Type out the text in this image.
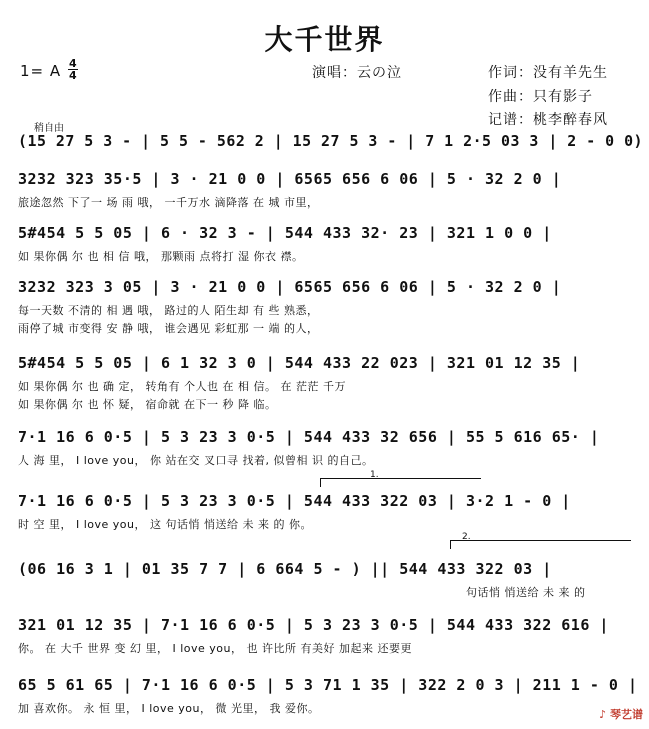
大千世界
1= A 4
4	演唱：云の泣	作词：没有羊先生
作曲：只有影子
记谱：桃李醉春风
稍自由
(15 27 5 3 - | 5 5 - 562 2 | 15 27 5 3 - | 7 1 2·5 03 3 | 2 - 0 0)
3232 323 35·5 | 3 · 21 0 0 | 6565 656 6 06 | 5 · 32 2 0 |
旅途忽然 下了一 场 雨 哦， 一千万水 滴降落 在 城 市里，
5#454 5 5 05 | 6 · 32 3 - | 544 433 32· 23 | 321 1 0 0 |
如 果你偶 尔 也 相 信 哦， 那颗雨 点将打 湿 你衣 襟。
3232 323 3 05 | 3 · 21 0 0 | 6565 656 6 06 | 5 · 32 2 0 |
每一天数 不清的 相 遇 哦， 路过的人 陌生却 有 些 熟悉，
雨停了城 市变得 安 静 哦， 谁会遇见 彩虹那 一 端 的人，
5#454 5 5 05 | 6 1 32 3 0 | 544 433 22 023 | 321 01 12 35 |
如 果你偶 尔 也 确 定， 转角有 个人也 在 相 信。 在 茫茫 千万
如 果你偶 尔 也 怀 疑， 宿命就 在下一 秒 降 临。
7·1 16 6 0·5 | 5 3 23 3 0·5 | 544 433 32 656 | 55 5 616 65· |
人 海 里， I love you， 你 站在交 叉口寻 找着, 似曾相 识 的自己。
1.
7·1 16 6 0·5 | 5 3 23 3 0·5 | 544 433 322 03 | 3·2 1 - 0 |
时 空 里， I love you， 这 句话悄 悄送给 未 来 的 你。
2.
(06 16 3 1 | 01 35 7 7 | 6 664 5 - ) || 544 433 322 03 |
句话悄 悄送给 未 来 的
321 01 12 35 | 7·1 16 6 0·5 | 5 3 23 3 0·5 | 544 433 322 616 |
你。 在 大千 世界 变 幻 里， I love you， 也 许比所 有美好 加起来 还要更
65 5 61 65 | 7·1 16 6 0·5 | 5 3 71 1 35 | 322 2 0 3 | 211 1 - 0 |
加 喜欢你。 永 恒 里， I love you， 微 光里， 我 爱你。	♪ 琴艺谱
